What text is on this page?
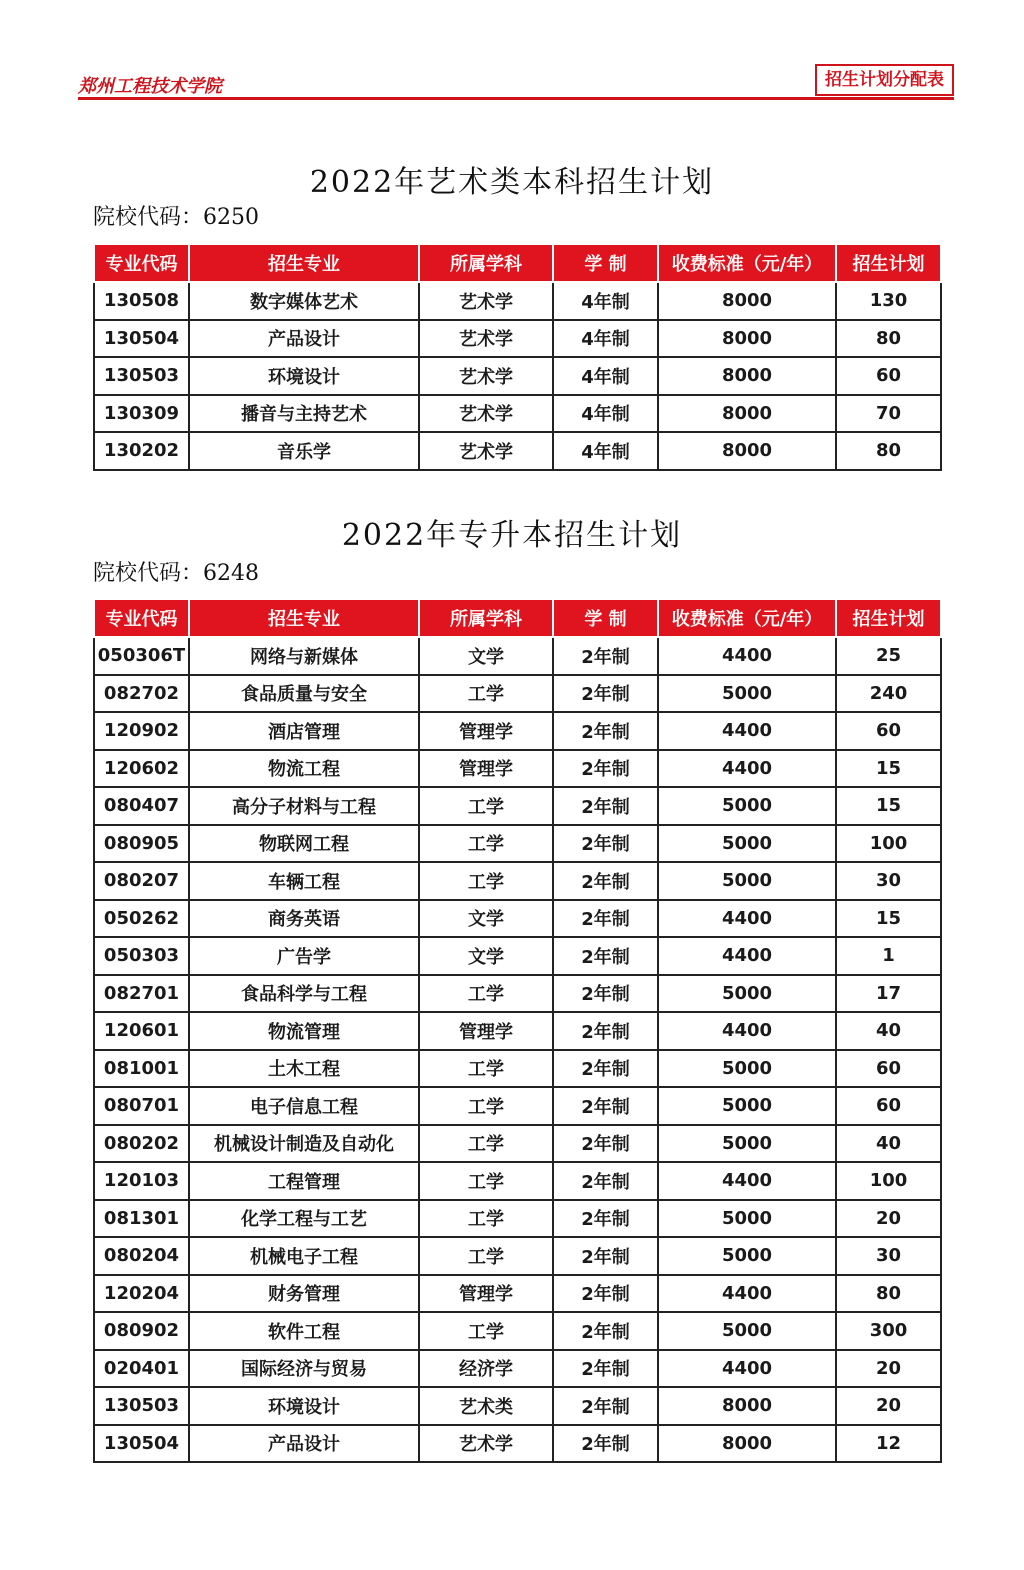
郑州工程技术学院	招生计划分配表
2022年艺术类本科招生计划
院校代码：6250
专业代码	招生专业	所属学科	学 制	收费标准（元/年）	招生计划
130508	数字媒体艺术	艺术学	4年制	8000	130
130504	产品设计	艺术学	4年制	8000	80
130503	环境设计	艺术学	4年制	8000	60
130309	播音与主持艺术	艺术学	4年制	8000	70
130202	音乐学	艺术学	4年制	8000	80
2022年专升本招生计划
院校代码：6248
专业代码	招生专业	所属学科	学 制	收费标准（元/年）	招生计划
050306T	网络与新媒体	文学	2年制	4400	25
082702	食品质量与安全	工学	2年制	5000	240
120902	酒店管理	管理学	2年制	4400	60
120602	物流工程	管理学	2年制	4400	15
080407	高分子材料与工程	工学	2年制	5000	15
080905	物联网工程	工学	2年制	5000	100
080207	车辆工程	工学	2年制	5000	30
050262	商务英语	文学	2年制	4400	15
050303	广告学	文学	2年制	4400	1
082701	食品科学与工程	工学	2年制	5000	17
120601	物流管理	管理学	2年制	4400	40
081001	土木工程	工学	2年制	5000	60
080701	电子信息工程	工学	2年制	5000	60
080202	机械设计制造及自动化	工学	2年制	5000	40
120103	工程管理	工学	2年制	4400	100
081301	化学工程与工艺	工学	2年制	5000	20
080204	机械电子工程	工学	2年制	5000	30
120204	财务管理	管理学	2年制	4400	80
080902	软件工程	工学	2年制	5000	300
020401	国际经济与贸易	经济学	2年制	4400	20
130503	环境设计	艺术类	2年制	8000	20
130504	产品设计	艺术学	2年制	8000	12
